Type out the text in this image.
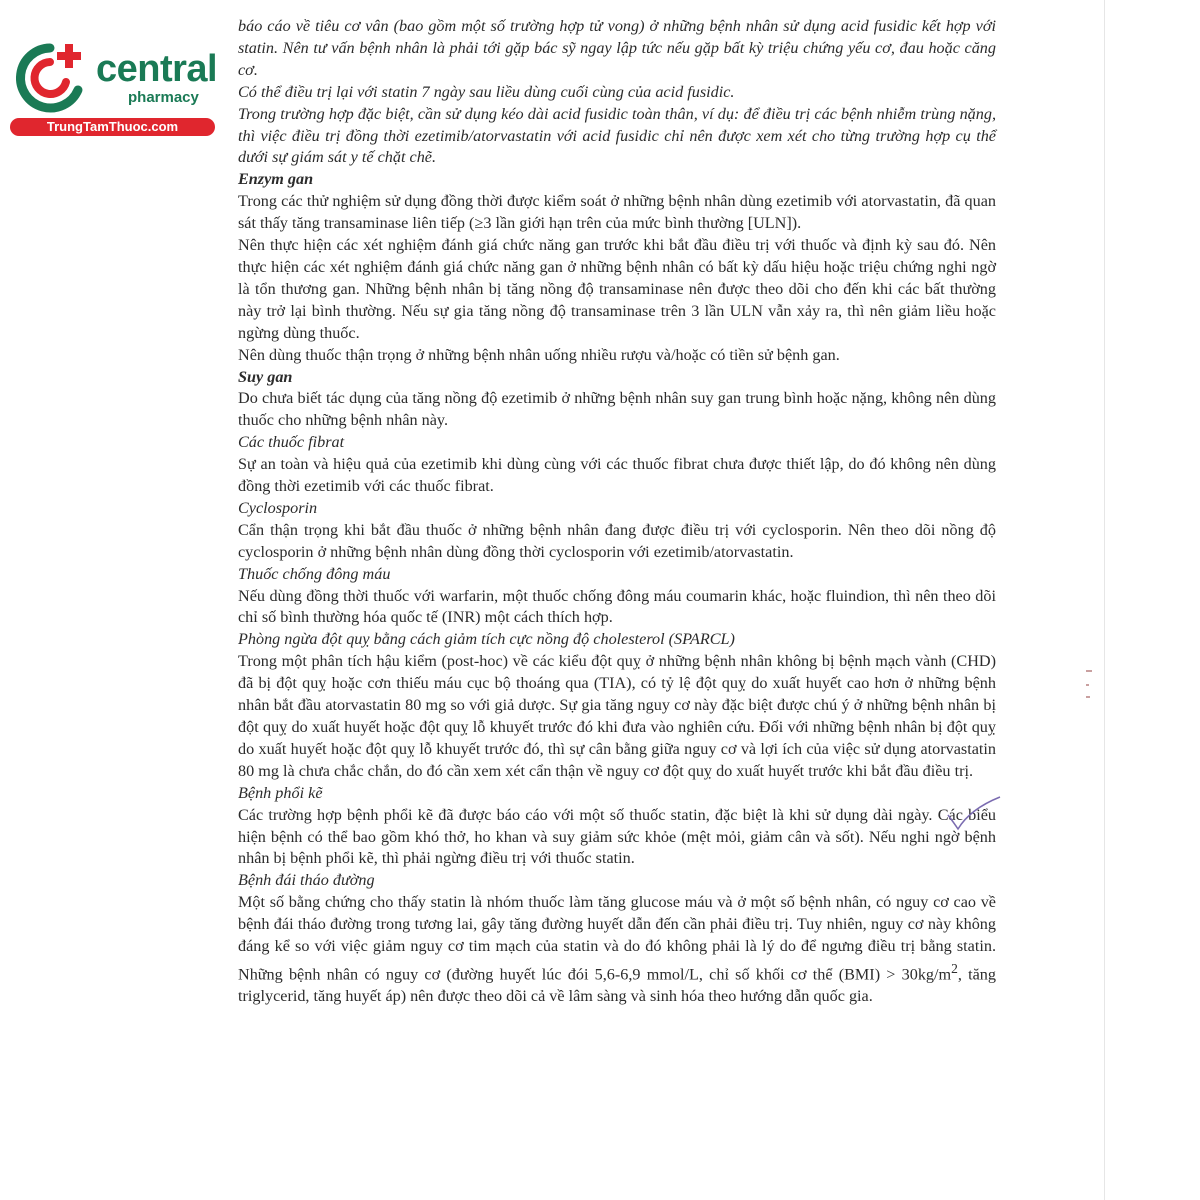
central
pharmacy
TrungTamThuoc.com

báo cáo về tiêu cơ vân (bao gồm một số trường hợp tử vong) ở những bệnh nhân sử dụng acid fusidic kết hợp với statin. Nên tư vấn bệnh nhân là phải tới gặp bác sỹ ngay lập tức nếu gặp bất kỳ triệu chứng yếu cơ, đau hoặc căng cơ.

Có thể điều trị lại với statin 7 ngày sau liều dùng cuối cùng của acid fusidic.

Trong trường hợp đặc biệt, cần sử dụng kéo dài acid fusidic toàn thân, ví dụ: để điều trị các bệnh nhiễm trùng nặng, thì việc điều trị đồng thời ezetimib/atorvastatin với acid fusidic chỉ nên được xem xét cho từng trường hợp cụ thể dưới sự giám sát y tế chặt chẽ.

Enzym gan

Trong các thử nghiệm sử dụng đồng thời được kiểm soát ở những bệnh nhân dùng ezetimib với atorvastatin, đã quan sát thấy tăng transaminase liên tiếp (≥3 lần giới hạn trên của mức bình thường [ULN]).

Nên thực hiện các xét nghiệm đánh giá chức năng gan trước khi bắt đầu điều trị với thuốc và định kỳ sau đó. Nên thực hiện các xét nghiệm đánh giá chức năng gan ở những bệnh nhân có bất kỳ dấu hiệu hoặc triệu chứng nghi ngờ là tổn thương gan. Những bệnh nhân bị tăng nồng độ transaminase nên được theo dõi cho đến khi các bất thường này trở lại bình thường. Nếu sự gia tăng nồng độ transaminase trên 3 lần ULN vẫn xảy ra, thì nên giảm liều hoặc ngừng dùng thuốc.

Nên dùng thuốc thận trọng ở những bệnh nhân uống nhiều rượu và/hoặc có tiền sử bệnh gan.

Suy gan

Do chưa biết tác dụng của tăng nồng độ ezetimib ở những bệnh nhân suy gan trung bình hoặc nặng, không nên dùng thuốc cho những bệnh nhân này.

Các thuốc fibrat

Sự an toàn và hiệu quả của ezetimib khi dùng cùng với các thuốc fibrat chưa được thiết lập, do đó không nên dùng đồng thời ezetimib với các thuốc fibrat.

Cyclosporin

Cẩn thận trọng khi bắt đầu thuốc ở những bệnh nhân đang được điều trị với cyclosporin. Nên theo dõi nồng độ cyclosporin ở những bệnh nhân dùng đồng thời cyclosporin với ezetimib/atorvastatin.

Thuốc chống đông máu

Nếu dùng đồng thời thuốc với warfarin, một thuốc chống đông máu coumarin khác, hoặc fluindion, thì nên theo dõi chỉ số bình thường hóa quốc tế (INR) một cách thích hợp.

Phòng ngừa đột quỵ bằng cách giảm tích cực nồng độ cholesterol (SPARCL)

Trong một phân tích hậu kiểm (post-hoc) về các kiểu đột quỵ ở những bệnh nhân không bị bệnh mạch vành (CHD) đã bị đột quỵ hoặc cơn thiếu máu cục bộ thoáng qua (TIA), có tỷ lệ đột quỵ do xuất huyết cao hơn ở những bệnh nhân bắt đầu atorvastatin 80 mg so với giả dược. Sự gia tăng nguy cơ này đặc biệt được chú ý ở những bệnh nhân bị đột quỵ do xuất huyết hoặc đột quỵ lỗ khuyết trước đó khi đưa vào nghiên cứu. Đối với những bệnh nhân bị đột quỵ do xuất huyết hoặc đột quỵ lỗ khuyết trước đó, thì sự cân bằng giữa nguy cơ và lợi ích của việc sử dụng atorvastatin 80 mg là chưa chắc chắn, do đó cần xem xét cẩn thận về nguy cơ đột quỵ do xuất huyết trước khi bắt đầu điều trị.

Bệnh phổi kẽ

Các trường hợp bệnh phổi kẽ đã được báo cáo với một số thuốc statin, đặc biệt là khi sử dụng dài ngày. Các biểu hiện bệnh có thể bao gồm khó thở, ho khan và suy giảm sức khỏe (mệt mỏi, giảm cân và sốt). Nếu nghi ngờ bệnh nhân bị bệnh phổi kẽ, thì phải ngừng điều trị với thuốc statin.

Bệnh đái tháo đường

Một số bằng chứng cho thấy statin là nhóm thuốc làm tăng glucose máu và ở một số bệnh nhân, có nguy cơ cao về bệnh đái tháo đường trong tương lai, gây tăng đường huyết dẫn đến cần phải điều trị. Tuy nhiên, nguy cơ này không đáng kể so với việc giảm nguy cơ tim mạch của statin và do đó không phải là lý do để ngưng điều trị bằng statin. Những bệnh nhân có nguy cơ (đường huyết lúc đói 5,6-6,9 mmol/L, chỉ số khối cơ thể $(BMI) > 30kg/m^2$, tăng triglycerid, tăng huyết áp) nên được theo dõi cả về lâm sàng và sinh hóa theo hướng dẫn quốc gia.
